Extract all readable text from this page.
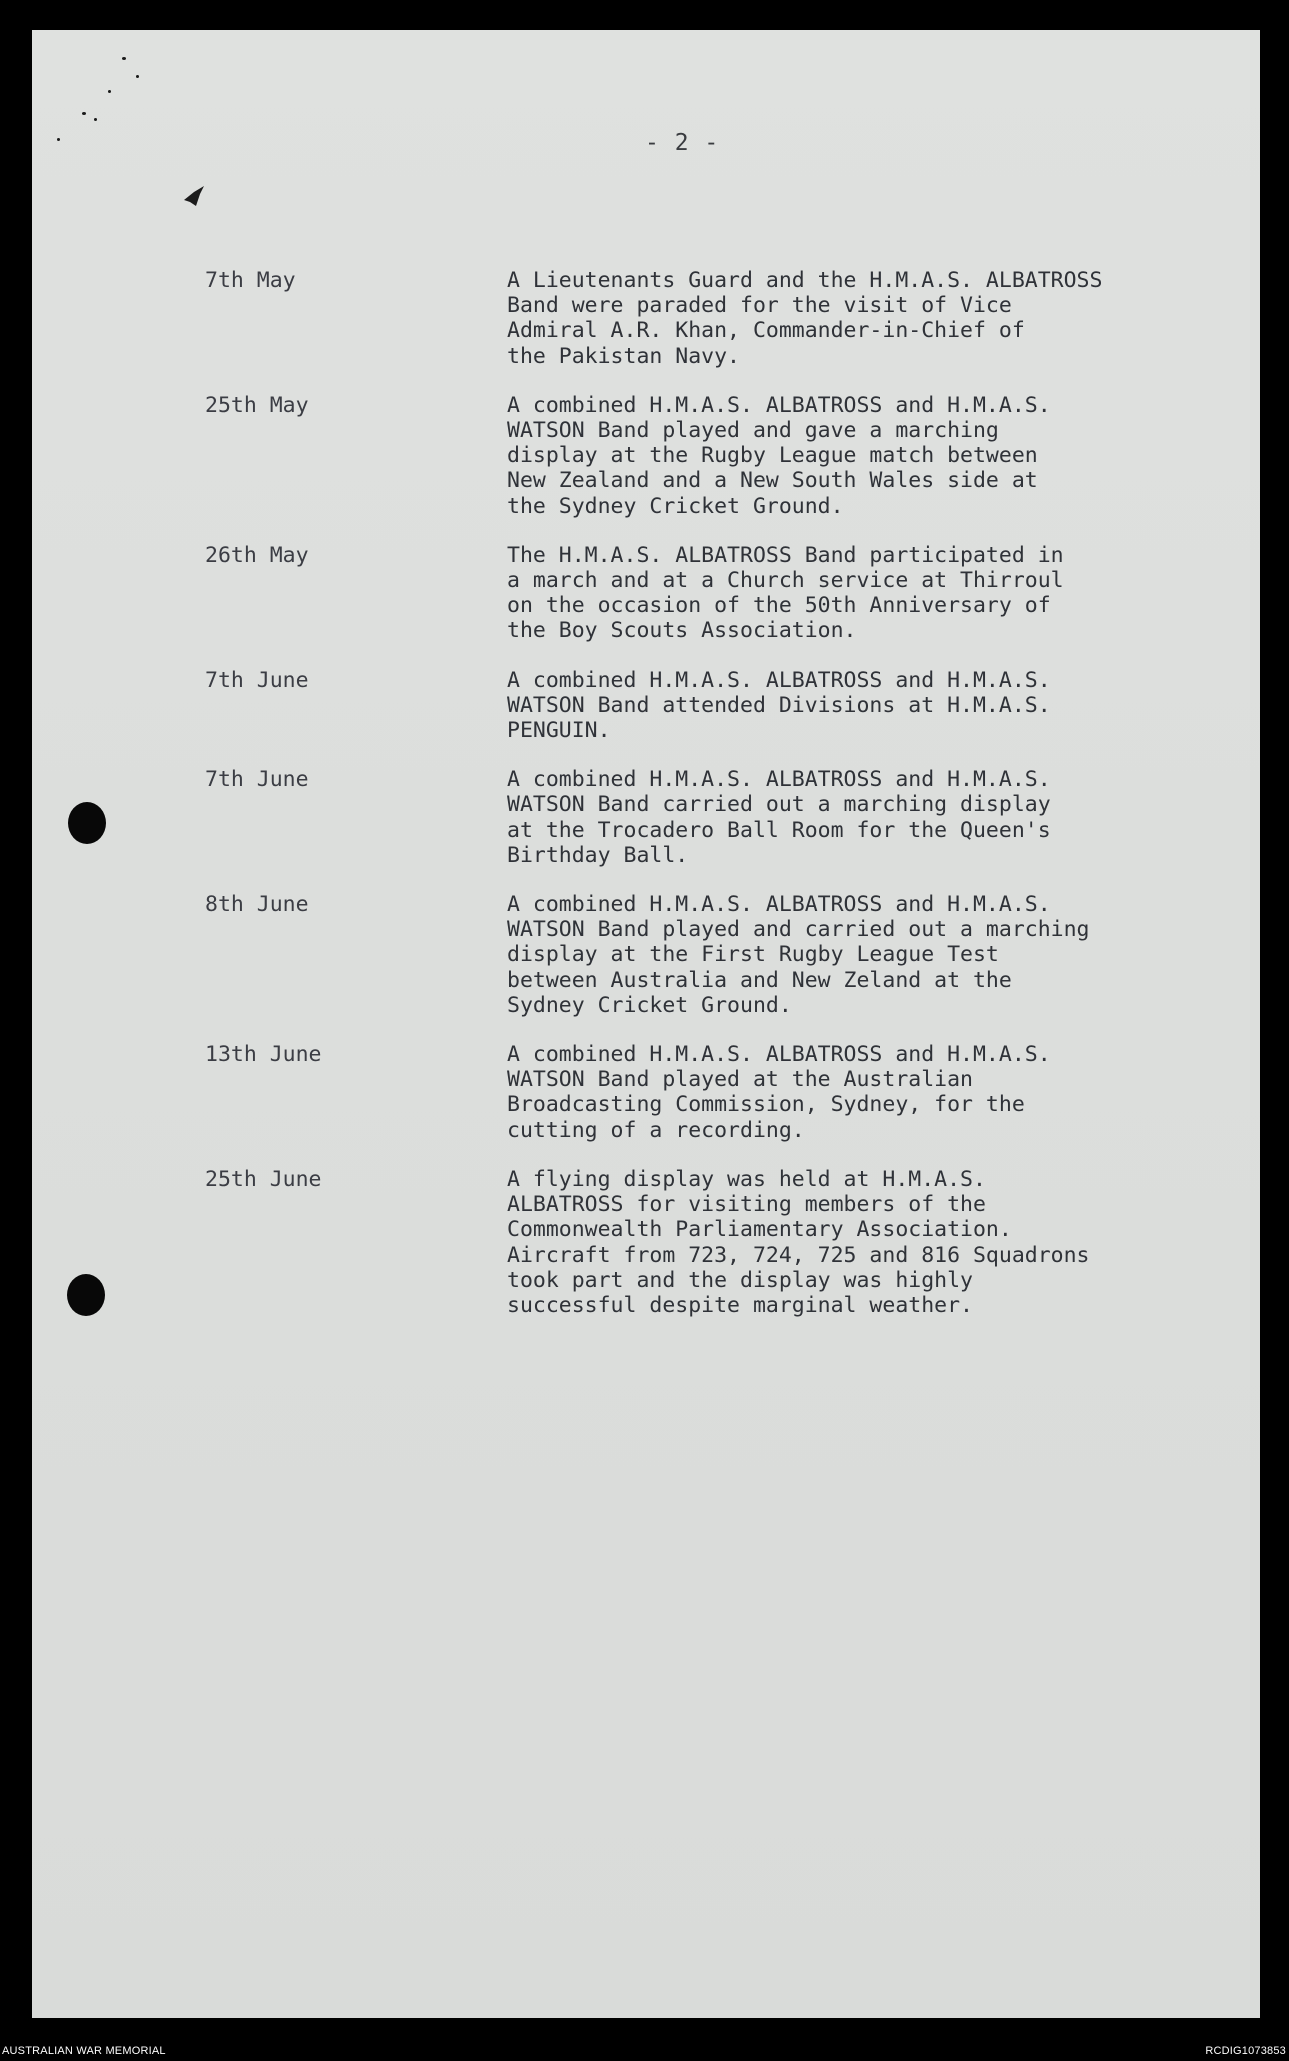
- 2 -
7th May	A Lieutenants Guard and the H.M.A.S. ALBATROSS
Band were paraded for the visit of Vice
Admiral A.R. Khan, Commander-in-Chief of
the Pakistan Navy.
25th May	A combined H.M.A.S. ALBATROSS and H.M.A.S.
WATSON Band played and gave a marching
display at the Rugby League match between
New Zealand and a New South Wales side at
the Sydney Cricket Ground.
26th May	The H.M.A.S. ALBATROSS Band participated in
a march and at a Church service at Thirroul
on the occasion of the 50th Anniversary of
the Boy Scouts Association.
7th June	A combined H.M.A.S. ALBATROSS and H.M.A.S.
WATSON Band attended Divisions at H.M.A.S.
PENGUIN.
7th June	A combined H.M.A.S. ALBATROSS and H.M.A.S.
WATSON Band carried out a marching display
at the Trocadero Ball Room for the Queen's
Birthday Ball.
8th June	A combined H.M.A.S. ALBATROSS and H.M.A.S.
WATSON Band played and carried out a marching
display at the First Rugby League Test
between Australia and New Zeland at the
Sydney Cricket Ground.
13th June	A combined H.M.A.S. ALBATROSS and H.M.A.S.
WATSON Band played at the Australian
Broadcasting Commission, Sydney, for the
cutting of a recording.
25th June	A flying display was held at H.M.A.S.
ALBATROSS for visiting members of the
Commonwealth Parliamentary Association.
Aircraft from 723, 724, 725 and 816 Squadrons
took part and the display was highly
successful despite marginal weather.
AUSTRALIAN WAR MEMORIAL	RCDIG1073853
